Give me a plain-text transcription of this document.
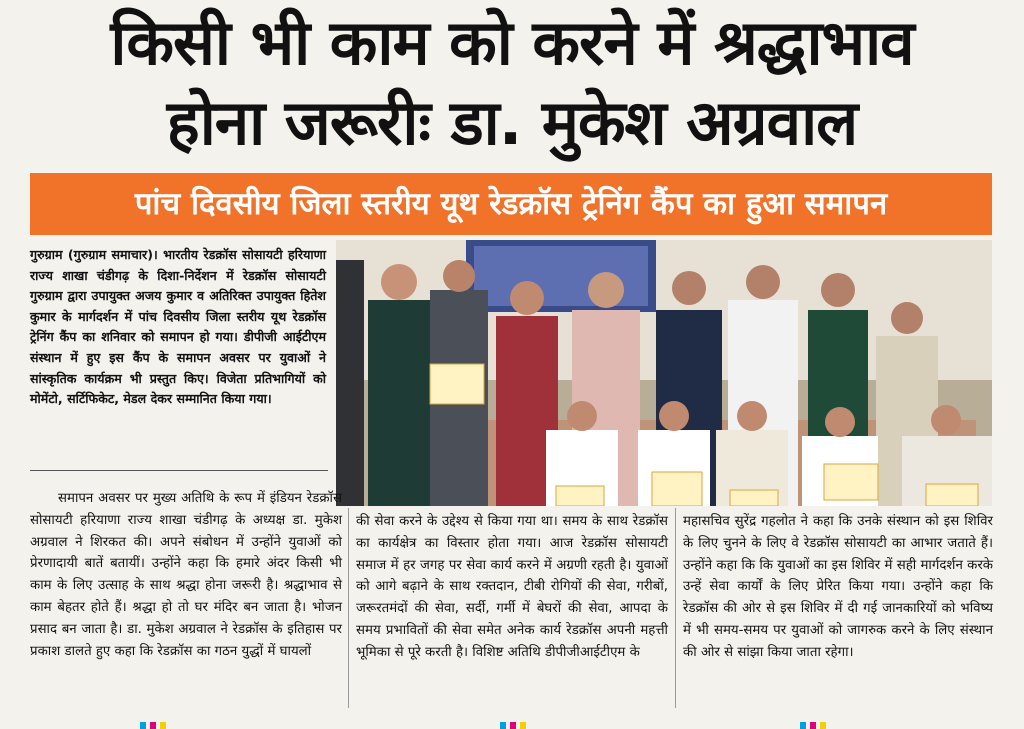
किसी भी काम को करने में श्रद्धाभाव
होना जरूरीः डा. मुकेश अग्रवाल
पांच दिवसीय जिला स्तरीय यूथ रेडक्रॉस ट्रेनिंग कैंप का हुआ समापन
गुरुग्राम (गुरुग्राम समाचार)। भारतीय रेडक्रॉस सोसायटी हरियाणा राज्य शाखा चंडीगढ़ के दिशा-निर्देशन में रेडक्रॉस सोसायटी गुरुग्राम द्वारा उपायुक्त अजय कुमार व अतिरिक्त उपायुक्त हितेश कुमार के मार्गदर्शन में पांच दिवसीय जिला स्तरीय यूथ रेडक्रॉस ट्रेनिंग कैंप का शनिवार को समापन हो गया। डीपीजी आईटीएम संस्थान में हुए इस कैंप के समापन अवसर पर युवाओं ने सांस्कृतिक कार्यक्रम भी प्रस्तुत किए। विजेता प्रतिभागियों को मोमेंटो, सर्टिफिकेट, मेडल देकर सम्मानित किया गया।
समापन अवसर पर मुख्य अतिथि के रूप में इंडियन रेडक्रॉस सोसायटी हरियाणा राज्य शाखा चंडीगढ़ के अध्यक्ष डा. मुकेश अग्रवाल ने शिरकत की। अपने संबोधन में उन्होंने युवाओं को प्रेरणादायी बातें बतायीं। उन्होंने कहा कि हमारे अंदर किसी भी काम के लिए उत्साह के साथ श्रद्धा होना जरूरी है। श्रद्धाभाव से काम बेहतर होते हैं। श्रद्धा हो तो घर मंदिर बन जाता है। भोजन प्रसाद बन जाता है। डा. मुकेश अग्रवाल ने रेडक्रॉस के इतिहास पर प्रकाश डालते हुए कहा कि रेडक्रॉस का गठन युद्धों में घायलों
की सेवा करने के उद्देश्य से किया गया था। समय के साथ रेडक्रॉस का कार्यक्षेत्र का विस्तार होता गया। आज रेडक्रॉस सोसायटी समाज में हर जगह पर सेवा कार्य करने में अग्रणी रहती है। युवाओं को आगे बढ़ाने के साथ रक्तदान, टीबी रोगियों की सेवा, गरीबों, जरूरतमंदों की सेवा, सर्दी, गर्मी में बेघरों की सेवा, आपदा के समय प्रभावितों की सेवा समेत अनेक कार्य रेडक्रॉस अपनी महत्ती भूमिका से पूरे करती है। विशिष्ट अतिथि डीपीजीआईटीएम के
महासचिव सुरेंद्र गहलोत ने कहा कि उनके संस्थान को इस शिविर के लिए चुनने के लिए वे रेडक्रॉस सोसायटी का आभार जताते हैं। उन्होंने कहा कि कि युवाओं का इस शिविर में सही मार्गदर्शन करके उन्हें सेवा कार्यों के लिए प्रेरित किया गया। उन्होंने कहा कि रेडक्रॉस की ओर से इस शिविर में दी गई जानकारियों को भविष्य में भी समय-समय पर युवाओं को जागरुक करने के लिए संस्थान की ओर से सांझा किया जाता रहेगा।
